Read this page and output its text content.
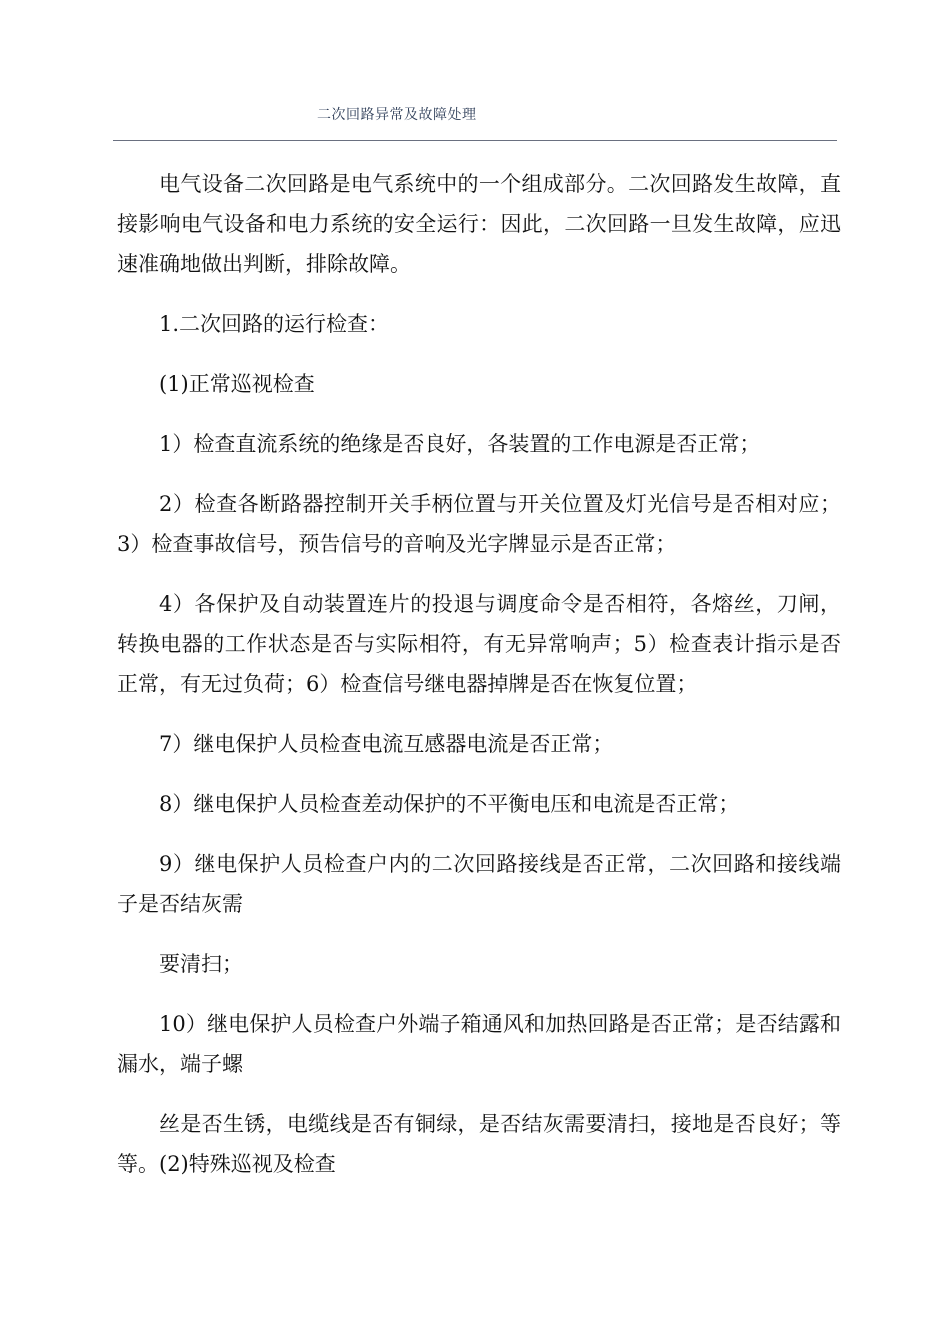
二次回路异常及故障处理

电气设备二次回路是电气系统中的一个组成部分。二次回路发生故障，直接影响电气设备和电力系统的安全运行：因此，二次回路一旦发生故障，应迅速准确地做出判断，排除故障。

1.二次回路的运行检查：

(1)正常巡视检查

1）检查直流系统的绝缘是否良好，各装置的工作电源是否正常；

2）检查各断路器控制开关手柄位置与开关位置及灯光信号是否相对应；3）检查事故信号，预告信号的音响及光字牌显示是否正常；

4）各保护及自动装置连片的投退与调度命令是否相符，各熔丝，刀闸，转换电器的工作状态是否与实际相符，有无异常响声；5）检查表计指示是否正常，有无过负荷；6）检查信号继电器掉牌是否在恢复位置；

7）继电保护人员检查电流互感器电流是否正常；

8）继电保护人员检查差动保护的不平衡电压和电流是否正常；

9）继电保护人员检查户内的二次回路接线是否正常，二次回路和接线端子是否结灰需

要清扫；

10）继电保护人员检查户外端子箱通风和加热回路是否正常；是否结露和漏水，端子螺

丝是否生锈，电缆线是否有铜绿，是否结灰需要清扫，接地是否良好；等等。(2)特殊巡视及检查
